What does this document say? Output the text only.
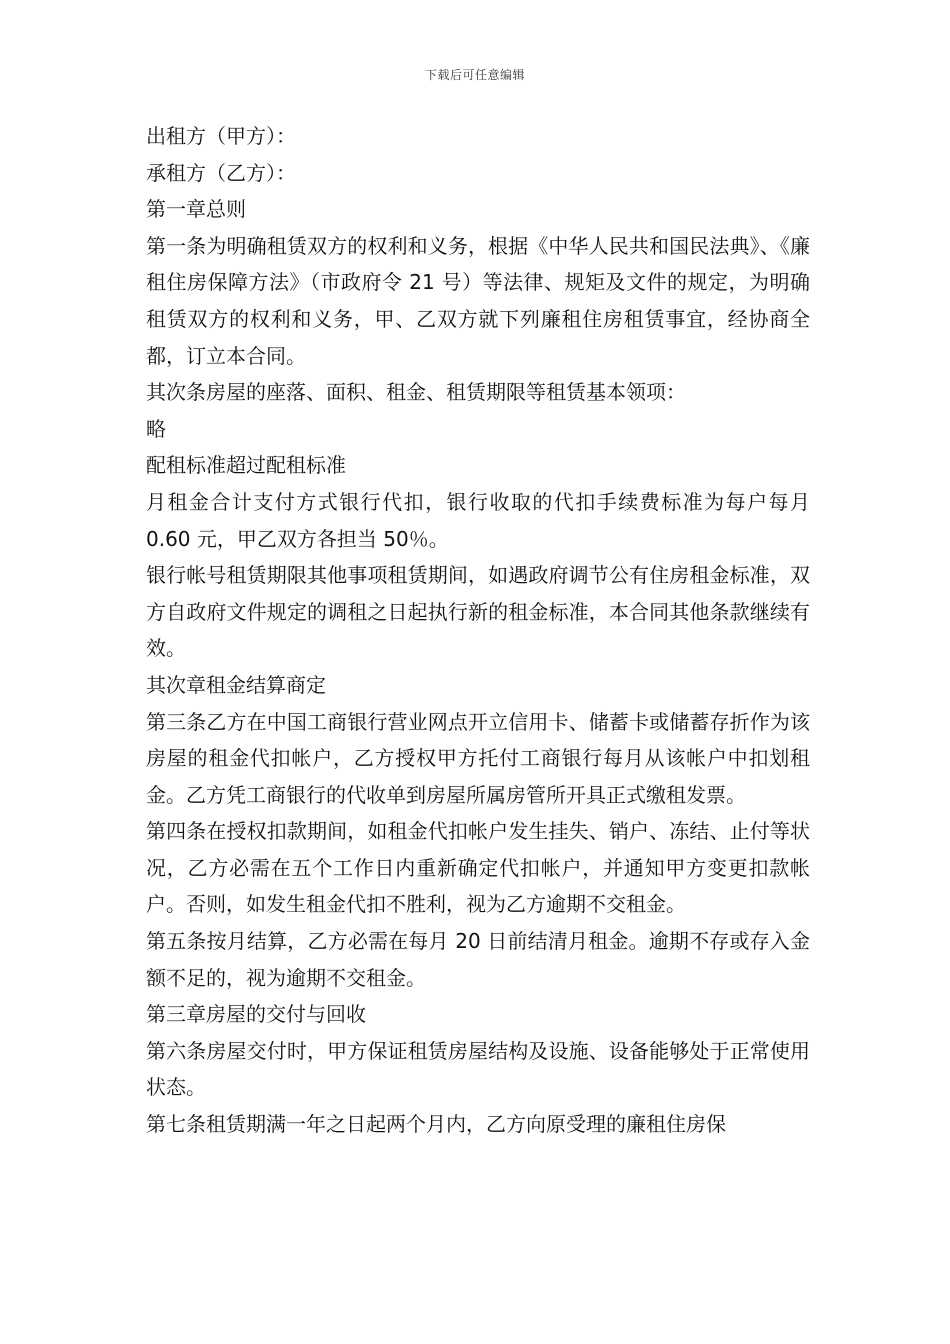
下载后可任意编辑

出租方（甲方）：

承租方（乙方）：

第一章总则

第一条为明确租赁双方的权利和义务，根据《中华人民共和国民法典》、《廉租住房保障方法》（市政府令 21 号）等法律、规矩及文件的规定，为明确租赁双方的权利和义务，甲、乙双方就下列廉租住房租赁事宜，经协商全都，订立本合同。

其次条房屋的座落、面积、租金、租赁期限等租赁基本领项：

略

配租标准超过配租标准

月租金合计支付方式银行代扣，银行收取的代扣手续费标准为每户每月 0.60 元，甲乙双方各担当 50％。

银行帐号租赁期限其他事项租赁期间，如遇政府调节公有住房租金标准，双方自政府文件规定的调租之日起执行新的租金标准，本合同其他条款继续有效。

其次章租金结算商定

第三条乙方在中国工商银行营业网点开立信用卡、储蓄卡或储蓄存折作为该房屋的租金代扣帐户，乙方授权甲方托付工商银行每月从该帐户中扣划租金。乙方凭工商银行的代收单到房屋所属房管所开具正式缴租发票。

第四条在授权扣款期间，如租金代扣帐户发生挂失、销户、冻结、止付等状况，乙方必需在五个工作日内重新确定代扣帐户，并通知甲方变更扣款帐户。否则，如发生租金代扣不胜利，视为乙方逾期不交租金。

第五条按月结算，乙方必需在每月 20 日前结清月租金。逾期不存或存入金额不足的，视为逾期不交租金。

第三章房屋的交付与回收

第六条房屋交付时，甲方保证租赁房屋结构及设施、设备能够处于正常使用状态。

第七条租赁期满一年之日起两个月内，乙方向原受理的廉租住房保
